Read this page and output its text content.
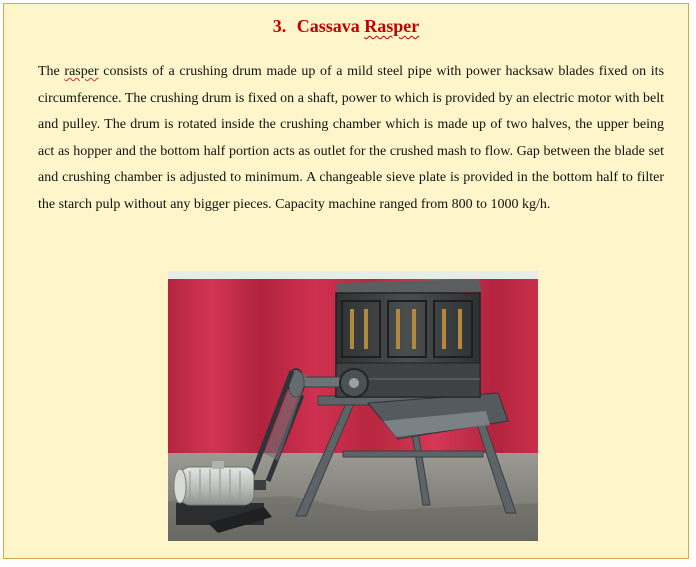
3. Cassava Rasper

The rasper consists of a crushing drum made up of a mild steel pipe with power hacksaw blades fixed on its circumference. The crushing drum is fixed on a shaft, power to which is provided by an electric motor with belt and pulley. The drum is rotated inside the crushing chamber which is made up of two halves, the upper being act as hopper and the bottom half portion acts as outlet for the crushed mash to flow. Gap between the blade set and crushing chamber is adjusted to minimum. A changeable sieve plate is provided in the bottom half to filter the starch pulp without any bigger pieces. Capacity machine ranged from 800 to 1000 kg/h.
